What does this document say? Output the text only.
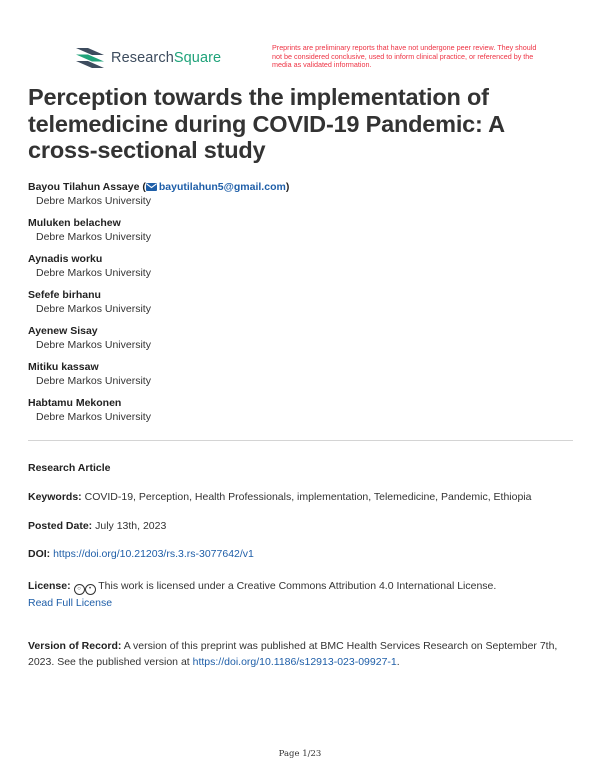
ResearchSquare
Preprints are preliminary reports that have not undergone peer review. They should not be considered conclusive, used to inform clinical practice, or referenced by the media as validated information.
Perception towards the implementation of telemedicine during COVID-19 Pandemic: A cross-sectional study
Bayou Tilahun Assaye ( bayutilahun5@gmail.com)
Debre Markos University
Muluken belachew
Debre Markos University
Aynadis worku
Debre Markos University
Sefefe birhanu
Debre Markos University
Ayenew Sisay
Debre Markos University
Mitiku kassaw
Debre Markos University
Habtamu Mekonen
Debre Markos University
Research Article
Keywords: COVID-19, Perception, Health Professionals, implementation, Telemedicine, Pandemic, Ethiopia
Posted Date: July 13th, 2023
DOI: https://doi.org/10.21203/rs.3.rs-3077642/v1
License: ○ • This work is licensed under a Creative Commons Attribution 4.0 International License.
Read Full License
Version of Record: A version of this preprint was published at BMC Health Services Research on September 7th, 2023. See the published version at https://doi.org/10.1186/s12913-023-09927-1.
Page 1/23
